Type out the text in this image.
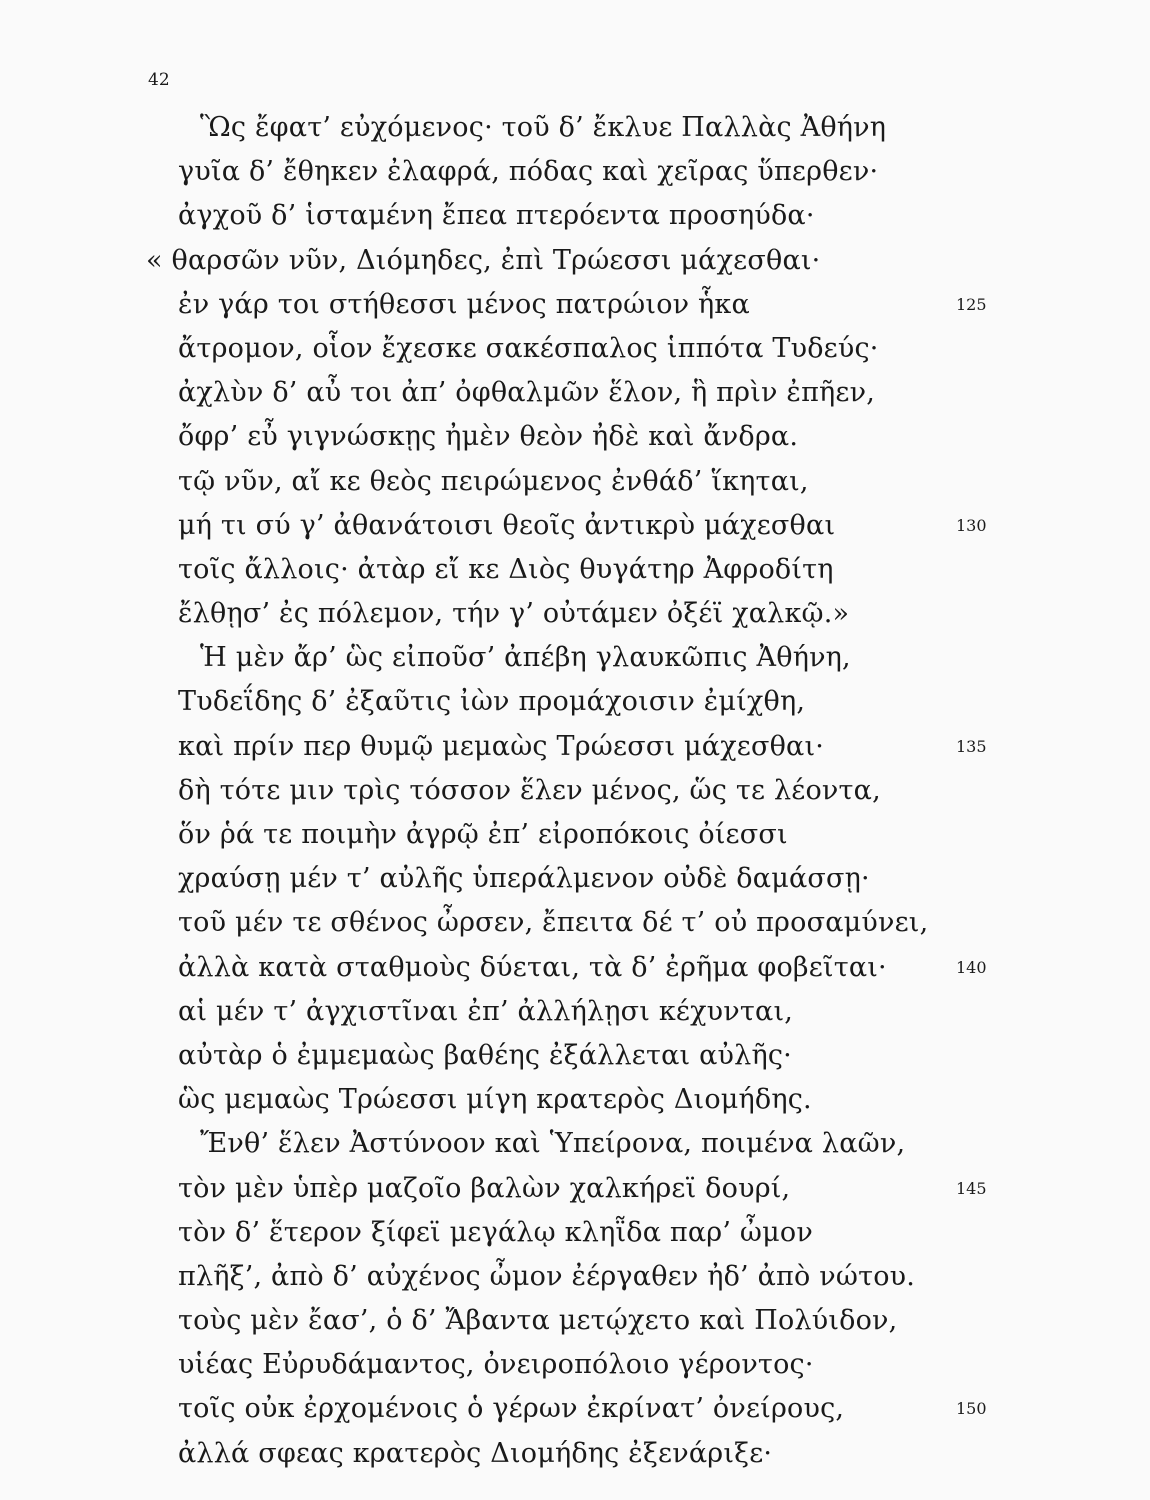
42
Ὣς ἔφατ’ εὐχόμενος· τοῦ δ’ ἔκλυε Παλλὰς Ἀθήνη
γυῖα δ’ ἔθηκεν ἐλαφρά, πόδας καὶ χεῖρας ὕπερθεν·
ἀγχοῦ δ’ ἱσταμένη ἔπεα πτερόεντα προσηύδα·
« θαρσῶν νῦν, Διόμηδες, ἐπὶ Τρώεσσι μάχεσθαι·
ἐν γάρ τοι στήθεσσι μένος πατρώιον ἧκα	125
ἄτρομον, οἷον ἔχεσκε σακέσπαλος ἱππότα Τυδεύς·
ἀχλὺν δ’ αὖ τοι ἀπ’ ὀφθαλμῶν ἕλον, ἣ πρὶν ἐπῆεν,
ὄφρ’ εὖ γιγνώσκῃς ἠμὲν θεὸν ἠδὲ καὶ ἄνδρα.
τῷ νῦν, αἴ κε θεὸς πειρώμενος ἐνθάδ’ ἵκηται,
μή τι σύ γ’ ἀθανάτοισι θεοῖς ἀντικρὺ μάχεσθαι	130
τοῖς ἄλλοις· ἀτὰρ εἴ κε Διὸς θυγάτηρ Ἀφροδίτη
ἔλθῃσ’ ἐς πόλεμον, τήν γ’ οὐτάμεν ὀξέϊ χαλκῷ.»
Ἡ μὲν ἄρ’ ὣς εἰποῦσ’ ἀπέβη γλαυκῶπις Ἀθήνη,
Τυδεΐδης δ’ ἐξαῦτις ἰὼν προμάχοισιν ἐμίχθη,
καὶ πρίν περ θυμῷ μεμαὼς Τρώεσσι μάχεσθαι·	135
δὴ τότε μιν τρὶς τόσσον ἕλεν μένος, ὥς τε λέοντα,
ὅν ῥά τε ποιμὴν ἀγρῷ ἐπ’ εἰροπόκοις ὀίεσσι
χραύσῃ μέν τ’ αὐλῆς ὑπεράλμενον οὐδὲ δαμάσσῃ·
τοῦ μέν τε σθένος ὦρσεν, ἔπειτα δέ τ’ οὐ προσαμύνει,
ἀλλὰ κατὰ σταθμοὺς δύεται, τὰ δ’ ἐρῆμα φοβεῖται·	140
αἱ μέν τ’ ἀγχιστῖναι ἐπ’ ἀλλήλῃσι κέχυνται,
αὐτὰρ ὁ ἐμμεμαὼς βαθέης ἐξάλλεται αὐλῆς·
ὣς μεμαὼς Τρώεσσι μίγη κρατερὸς Διομήδης.
Ἔνθ’ ἕλεν Ἀστύνοον καὶ Ὑπείρονα, ποιμένα λαῶν,
τὸν μὲν ὑπὲρ μαζοῖο βαλὼν χαλκήρεϊ δουρί,	145
τὸν δ’ ἕτερον ξίφεϊ μεγάλῳ κληῗδα παρ’ ὦμον
πλῆξ’, ἀπὸ δ’ αὐχένος ὦμον ἐέργαθεν ἠδ’ ἀπὸ νώτου.
τοὺς μὲν ἔασ’, ὁ δ’ Ἄβαντα μετῴχετο καὶ Πολύιδον,
υἱέας Εὐρυδάμαντος, ὀνειροπόλοιο γέροντος·
τοῖς οὐκ ἐρχομένοις ὁ γέρων ἐκρίνατ’ ὀνείρους,	150
ἀλλά σφεας κρατερὸς Διομήδης ἐξενάριξε·
